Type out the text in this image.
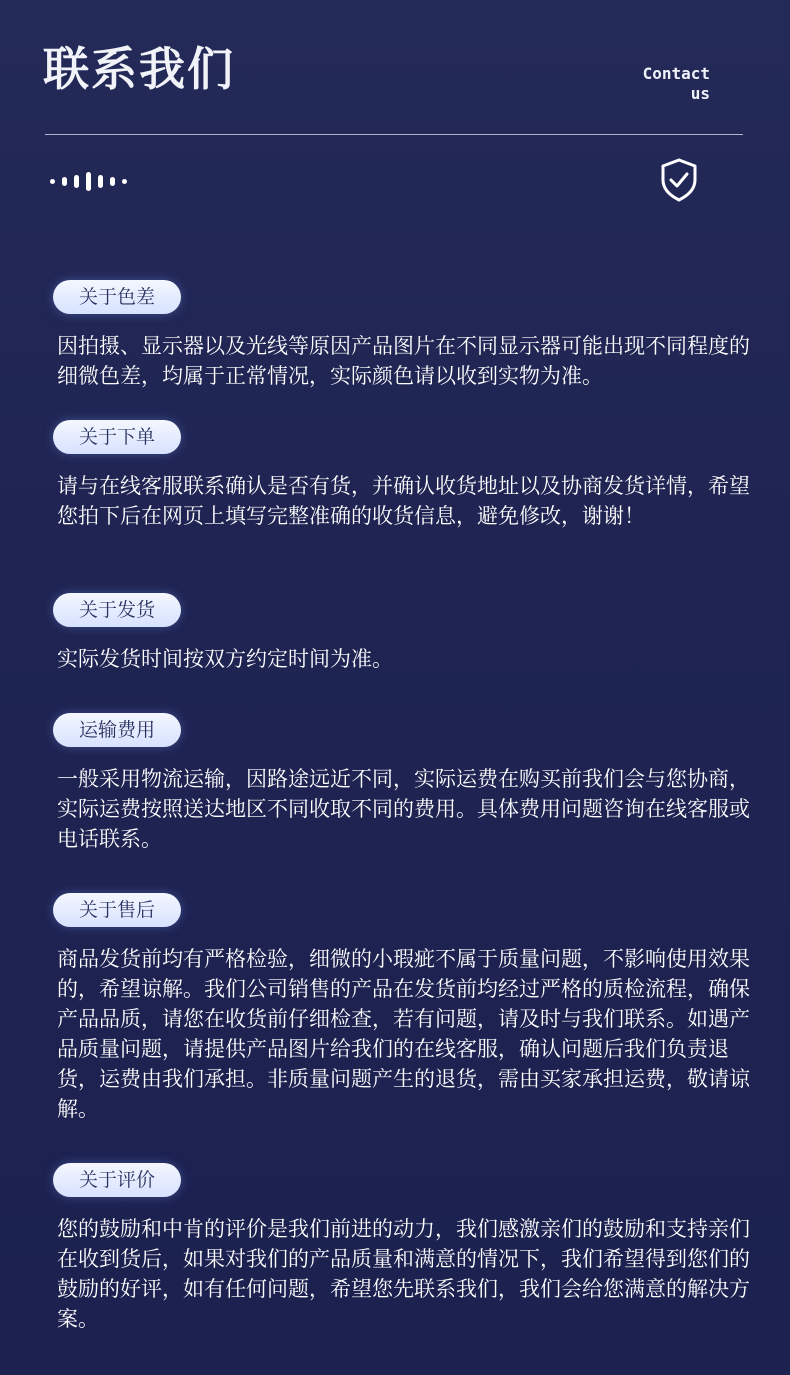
联系我们	Contact
us
关于色差
因拍摄、显示器以及光线等原因产品图片在不同显示器可能出现不同程度的细微色差，均属于正常情况，实际颜色请以收到实物为准。
关于下单
请与在线客服联系确认是否有货，并确认收货地址以及协商发货详情，希望您拍下后在网页上填写完整准确的收货信息，避免修改，谢谢！
关于发货
实际发货时间按双方约定时间为准。
运输费用
一般采用物流运输，因路途远近不同，实际运费在购买前我们会与您协商，实际运费按照送达地区不同收取不同的费用。具体费用问题咨询在线客服或电话联系。
关于售后
商品发货前均有严格检验，细微的小瑕疵不属于质量问题，不影响使用效果的，希望谅解。我们公司销售的产品在发货前均经过严格的质检流程，确保产品品质，请您在收货前仔细检查，若有问题，请及时与我们联系。如遇产品质量问题，请提供产品图片给我们的在线客服，确认问题后我们负责退货，运费由我们承担。非质量问题产生的退货，需由买家承担运费，敬请谅解。
关于评价
您的鼓励和中肯的评价是我们前进的动力，我们感激亲们的鼓励和支持亲们在收到货后，如果对我们的产品质量和满意的情况下，我们希望得到您们的鼓励的好评，如有任何问题，希望您先联系我们，我们会给您满意的解决方案。
